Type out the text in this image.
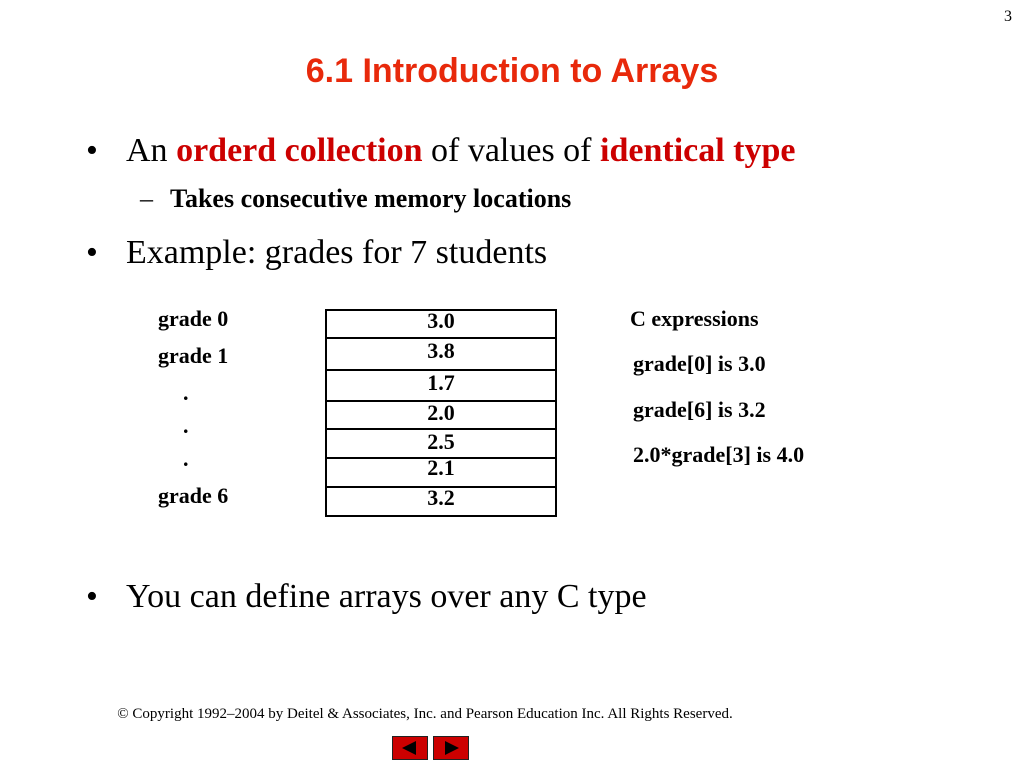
3
6.1 Introduction to Arrays
• An orderd collection of values of identical type
– Takes consecutive memory locations
• Example: grades for 7 students
grade 0
grade 1
.
.
.
grade 6
3.0
3.8
1.7
2.0
2.5
2.1
3.2
C expressions
grade[0] is 3.0
grade[6] is 3.2
2.0*grade[3] is 4.0
• You can define arrays over any C type
© Copyright 1992–2004 by Deitel & Associates, Inc. and Pearson Education Inc. All Rights Reserved.
